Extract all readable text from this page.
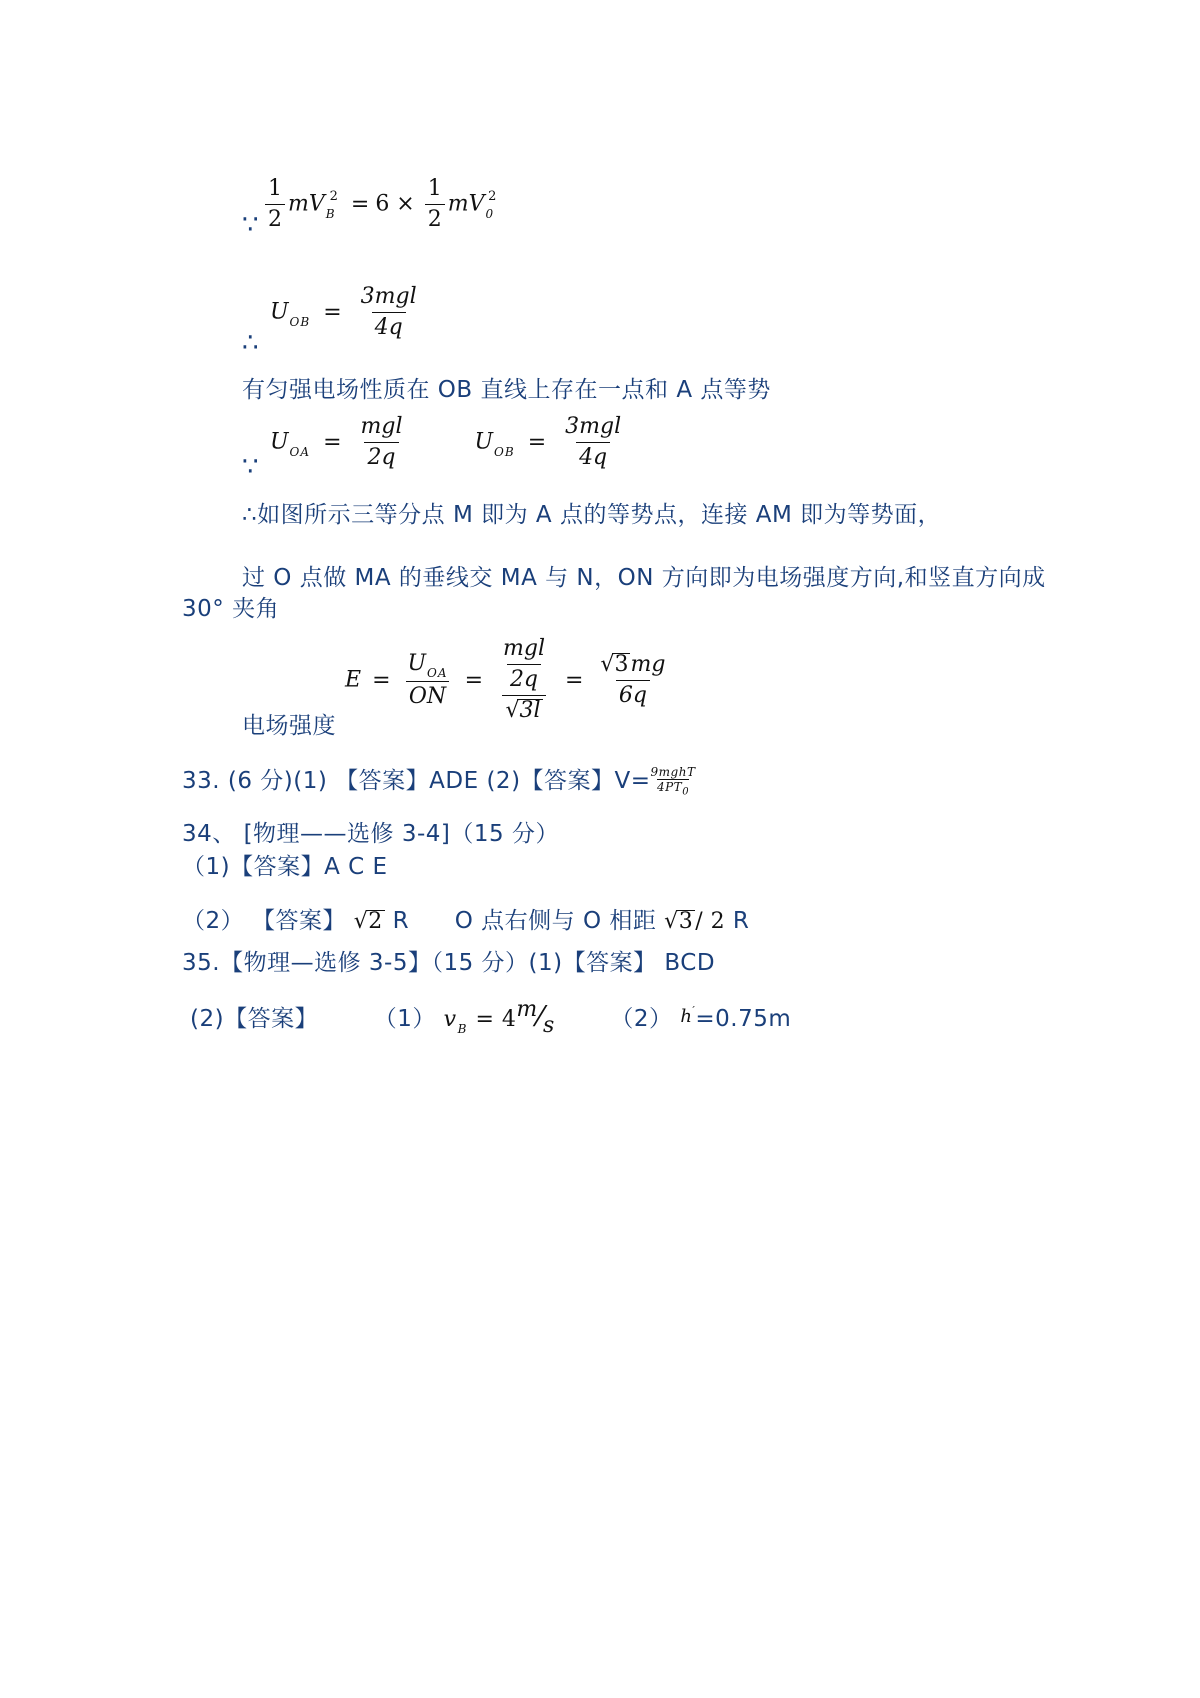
$\frac{1}{2} mV_B^2 = 6 \times \frac{1}{2} mV_0^2$
∵
$U_{OB} = \frac{\text{3mgl}}{4q}$
∴
有匀强电场性质在 OB 直线上存在一点和 A 点等势
$U_{OA} = \frac{\text{mgl}}{2q}$	$U_{OB} = \frac{\text{3mgl}}{4q}$
∵
∴如图所示三等分点 M 即为 A 点的等势点，连接 AM 即为等势面，
过 O 点做 MA 的垂线交 MA 与 N，ON 方向即为电场强度方向,和竖直方向成
30° 夹角
电场强度
$E = \frac{U_{OA}}{ON} = \frac{\frac{\text{mgl}}{2q}}{√3l} = \frac{√3mg}{6q}$
33. (6 分)(1) 【答案】ADE (2)【答案】$V= \frac{\text{9mghT}}{4PT_0}$
34、 [物理——选修 3-4]（15 分）
（1)【答案】A C E
（2） 【答案】 √2 R O 点右侧与 O 相距 √3/ 2 R
35.【物理—选修 3-5】（15 分）(1)【答案】 BCD
(2)【答案】 （1） $v_B$ = 4m⁄s （2） h′=0.75m
